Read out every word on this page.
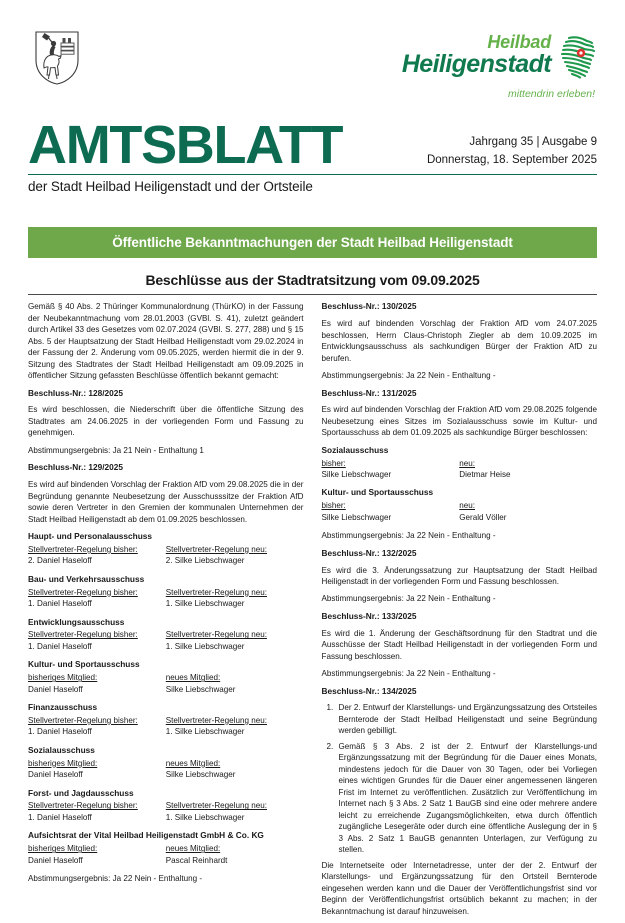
Heilbad
Heiligenstadt
mittendrin erleben!
AMTSBLATT	Jahrgang 35 | Ausgabe 9
Donnerstag, 18. September 2025
der Stadt Heilbad Heiligenstadt und der Ortsteile
Öffentliche Bekanntmachungen der Stadt Heilbad Heiligenstadt
Beschlüsse aus der Stadtratsitzung vom 09.09.2025

Gemäß § 40 Abs. 2 Thüringer Kommunalordnung (ThürKO) in der Fassung der Neubekanntmachung vom 28.01.2003 (GVBl. S. 41), zuletzt geändert durch Artikel 33 des Gesetzes vom 02.07.2024 (GVBl. S. 277, 288) und § 15 Abs. 5 der Hauptsatzung der Stadt Heilbad Heiligenstadt vom 29.02.2024 in der Fassung der 2. Änderung vom 09.05.2025, werden hiermit die in der 9. Sitzung des Stadtrates der Stadt Heilbad Heiligenstadt am 09.09.2025 in öffentlicher Sitzung gefassten Beschlüsse öffentlich bekannt gemacht:

Beschluss-Nr.: 128/2025

Es wird beschlossen, die Niederschrift über die öffentliche Sitzung des Stadtrates am 24.06.2025 in der vorliegenden Form und Fassung zu genehmigen.

Abstimmungsergebnis: Ja 21 Nein - Enthaltung 1

Beschluss-Nr.: 129/2025

Es wird auf bindenden Vorschlag der Fraktion AfD vom 29.08.2025 die in der Begründung genannte Neubesetzung der Ausschusssitze der Fraktion AfD sowie deren Vertreter in den Gremien der kommunalen Unternehmen der Stadt Heilbad Heiligenstadt ab dem 01.09.2025 beschlossen.

Haupt- und Personalausschuss
Stellvertreter-Regelung bisher:
2. Daniel Haseloff
Stellvertreter-Regelung neu:
2. Silke Liebschwager
Bau- und Verkehrsausschuss
Stellvertreter-Regelung bisher:
1. Daniel Haseloff
Stellvertreter-Regelung neu:
1. Silke Liebschwager
Entwicklungsausschuss
Stellvertreter-Regelung bisher:
1. Daniel Haseloff
Stellvertreter-Regelung neu:
1. Silke Liebschwager
Kultur- und Sportausschuss
bisheriges Mitglied:
Daniel Haseloff
neues Mitglied:
Silke Liebschwager
Finanzausschuss
Stellvertreter-Regelung bisher:
1. Daniel Haseloff
Stellvertreter-Regelung neu:
1. Silke Liebschwager
Sozialausschuss
bisheriges Mitglied:
Daniel Haseloff
neues Mitglied:
Silke Liebschwager
Forst- und Jagdausschuss
Stellvertreter-Regelung bisher:
1. Daniel Haseloff
Stellvertreter-Regelung neu:
1. Silke Liebschwager
Aufsichtsrat der Vital Heilbad Heiligenstadt GmbH & Co. KG
bisheriges Mitglied:
Daniel Haseloff
neues Mitglied:
Pascal Reinhardt

Abstimmungsergebnis: Ja 22 Nein - Enthaltung -

Beschluss-Nr.: 130/2025

Es wird auf bindenden Vorschlag der Fraktion AfD vom 24.07.2025 beschlossen, Herrn Claus-Christoph Ziegler ab dem 10.09.2025 im Entwicklungsausschuss als sachkundigen Bürger der Fraktion AfD zu berufen.

Abstimmungsergebnis: Ja 22 Nein - Enthaltung -

Beschluss-Nr.: 131/2025

Es wird auf bindenden Vorschlag der Fraktion AfD vom 29.08.2025 folgende Neubesetzung eines Sitzes im Sozialausschuss sowie im Kultur- und Sportausschuss ab dem 01.09.2025 als sachkundige Bürger beschlossen:

Sozialausschuss
bisher:
Silke Liebschwager
neu:
Dietmar Heise
Kultur- und Sportausschuss
bisher:
Silke Liebschwager
neu:
Gerald Völler

Abstimmungsergebnis: Ja 22 Nein - Enthaltung -

Beschluss-Nr.: 132/2025

Es wird die 3. Änderungssatzung zur Hauptsatzung der Stadt Heilbad Heiligenstadt in der vorliegenden Form und Fassung beschlossen.

Abstimmungsergebnis: Ja 22 Nein - Enthaltung -

Beschluss-Nr.: 133/2025

Es wird die 1. Änderung der Geschäftsordnung für den Stadtrat und die Ausschüsse der Stadt Heilbad Heiligenstadt in der vorliegenden Form und Fassung beschlossen.

Abstimmungsergebnis: Ja 22 Nein - Enthaltung -

Beschluss-Nr.: 134/2025
1. Der 2. Entwurf der Klarstellungs- und Ergänzungssatzung des Ortsteiles Bernterode der Stadt Heilbad Heiligenstadt und seine Begründung werden gebilligt.
2. Gemäß § 3 Abs. 2 ist der 2. Entwurf der Klarstellungs-und Ergänzungssatzung mit der Begründung für die Dauer eines Monats, mindestens jedoch für die Dauer von 30 Tagen, oder bei Vorliegen eines wichtigen Grundes für die Dauer einer angemessenen längeren Frist im Internet zu veröffentlichen. Zusätzlich zur Veröffentlichung im Internet nach § 3 Abs. 2 Satz 1 BauGB sind eine oder mehrere andere leicht zu erreichende Zugangsmöglichkeiten, etwa durch öffentlich zugängliche Lesegeräte oder durch eine öffentliche Auslegung der in § 3 Abs. 2 Satz 1 BauGB genannten Unterlagen, zur Verfügung zu stellen.

Die Internetseite oder Internetadresse, unter der der 2. Entwurf der Klarstellungs- und Ergänzungssatzung für den Ortsteil Bernterode eingesehen werden kann und die Dauer der Veröffentlichungsfrist sind vor Beginn der Veröffentlichungsfrist ortsüblich bekannt zu machen; in der Bekanntmachung ist darauf hinzuweisen.
